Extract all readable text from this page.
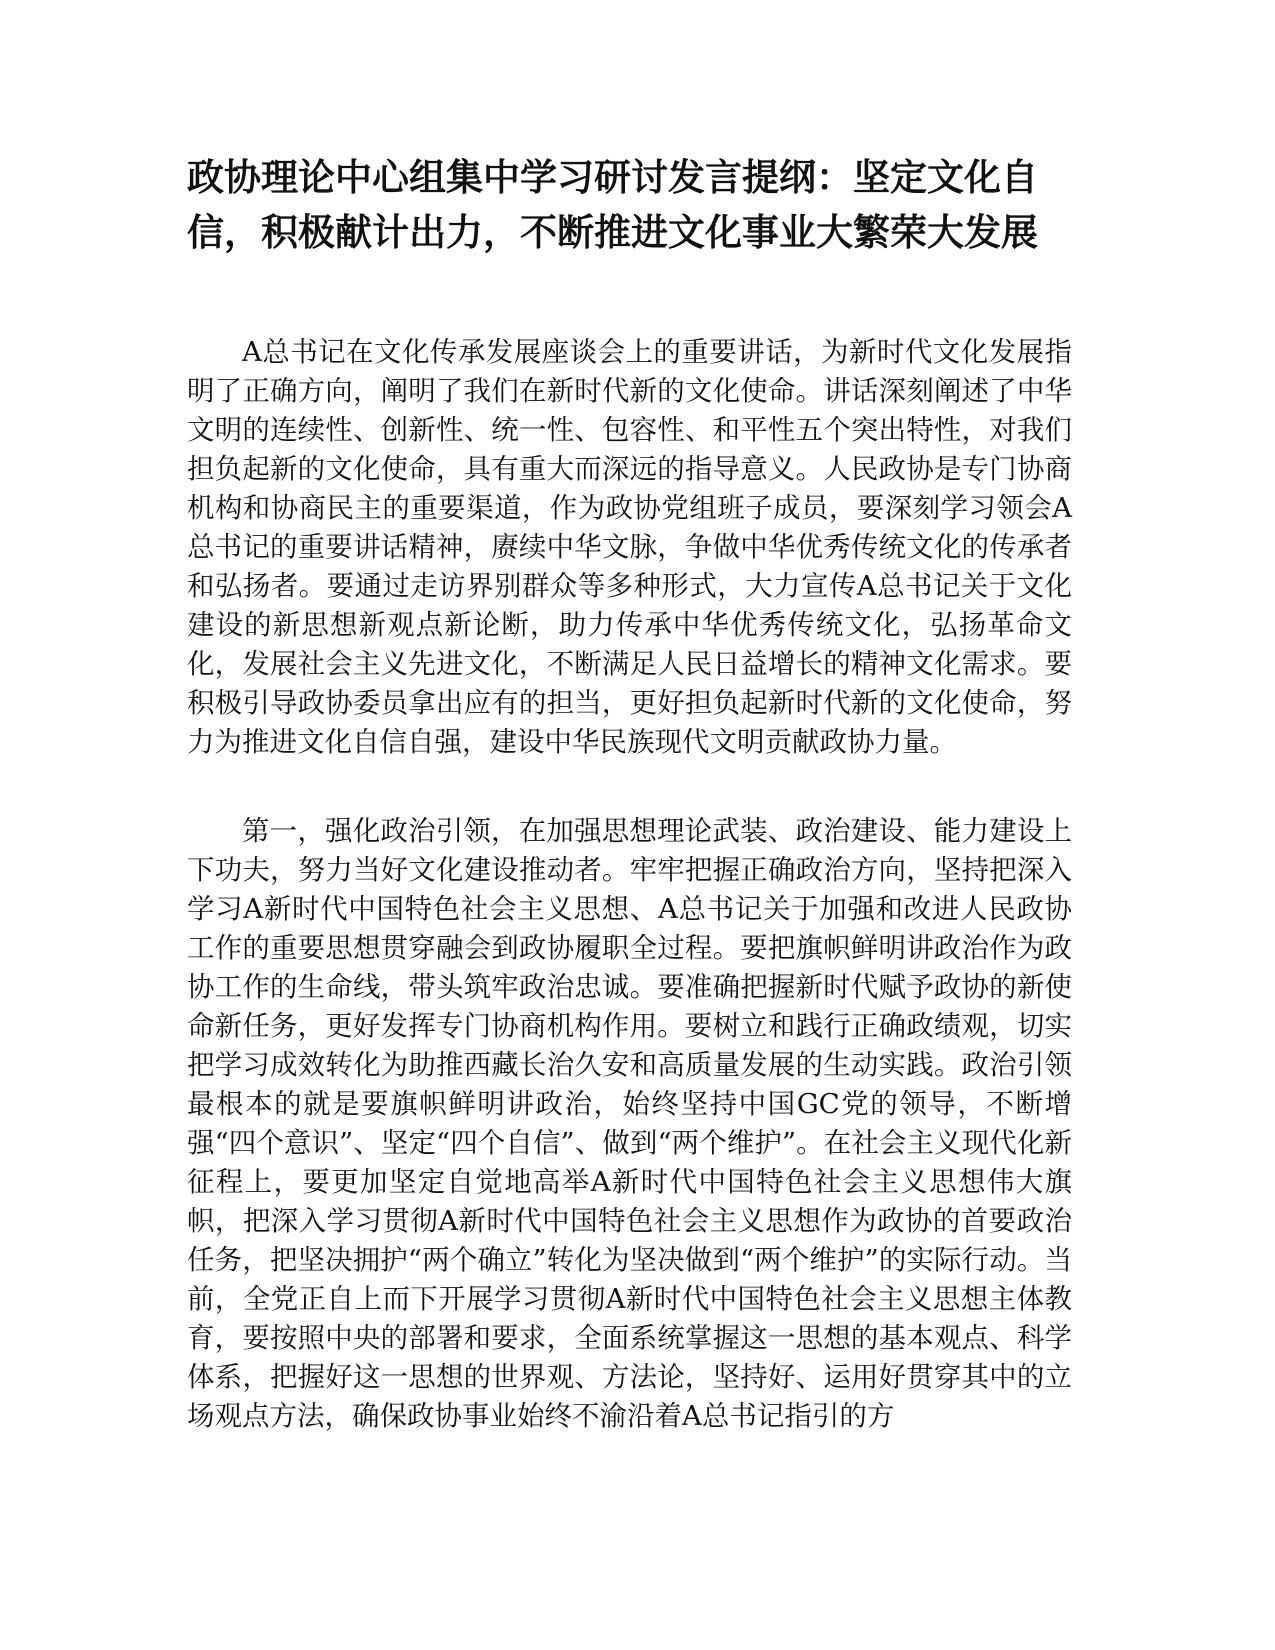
政协理论中心组集中学习研讨发言提纲：坚定文化自信，积极献计出力，不断推进文化事业大繁荣大发展

A总书记在文化传承发展座谈会上的重要讲话，为新时代文化发展指明了正确方向，阐明了我们在新时代新的文化使命。讲话深刻阐述了中华文明的连续性、创新性、统一性、包容性、和平性五个突出特性，对我们担负起新的文化使命，具有重大而深远的指导意义。人民政协是专门协商机构和协商民主的重要渠道，作为政协党组班子成员，要深刻学习领会A总书记的重要讲话精神，赓续中华文脉，争做中华优秀传统文化的传承者和弘扬者。要通过走访界别群众等多种形式，大力宣传A总书记关于文化建设的新思想新观点新论断，助力传承中华优秀传统文化，弘扬革命文化，发展社会主义先进文化，不断满足人民日益增长的精神文化需求。要积极引导政协委员拿出应有的担当，更好担负起新时代新的文化使命，努力为推进文化自信自强，建设中华民族现代文明贡献政协力量。

第一，强化政治引领，在加强思想理论武装、政治建设、能力建设上下功夫，努力当好文化建设推动者。牢牢把握正确政治方向，坚持把深入学习A新时代中国特色社会主义思想、A总书记关于加强和改进人民政协工作的重要思想贯穿融会到政协履职全过程。要把旗帜鲜明讲政治作为政协工作的生命线，带头筑牢政治忠诚。要准确把握新时代赋予政协的新使命新任务，更好发挥专门协商机构作用。要树立和践行正确政绩观，切实把学习成效转化为助推西藏长治久安和高质量发展的生动实践。政治引领最根本的就是要旗帜鲜明讲政治，始终坚持中国GC党的领导，不断增强“四个意识”、坚定“四个自信”、做到“两个维护”。在社会主义现代化新征程上，要更加坚定自觉地高举A新时代中国特色社会主义思想伟大旗帜，把深入学习贯彻A新时代中国特色社会主义思想作为政协的首要政治任务，把坚决拥护“两个确立”转化为坚决做到“两个维护”的实际行动。当前，全党正自上而下开展学习贯彻A新时代中国特色社会主义思想主体教育，要按照中央的部署和要求，全面系统掌握这一思想的基本观点、科学体系，把握好这一思想的世界观、方法论，坚持好、运用好贯穿其中的立场观点方法，确保政协事业始终不渝沿着A总书记指引的方
